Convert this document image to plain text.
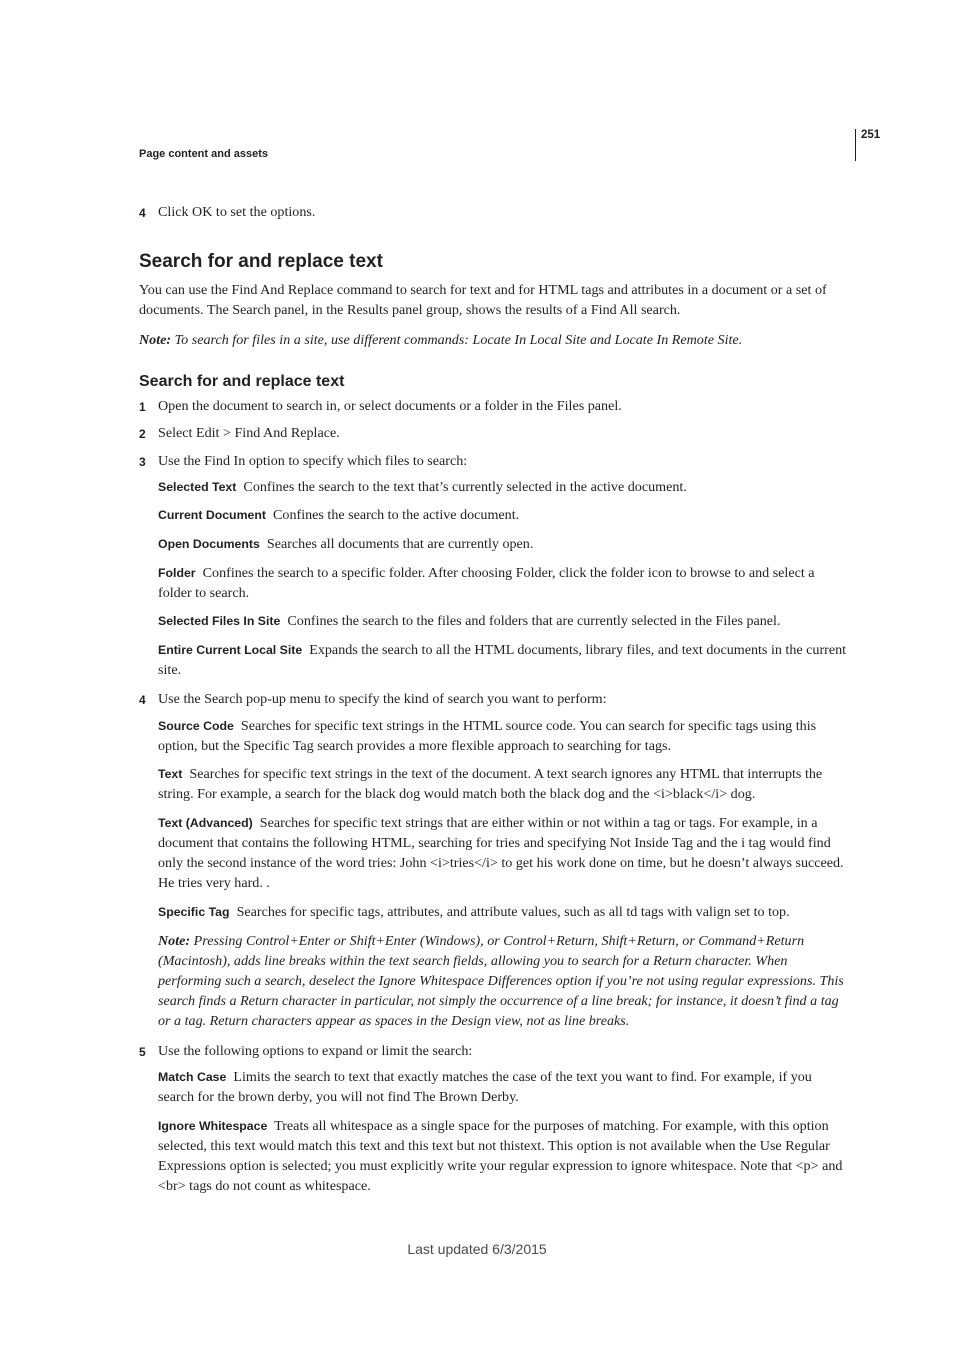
251
Page content and assets
4 Click OK to set the options.
Search for and replace text
You can use the Find And Replace command to search for text and for HTML tags and attributes in a document or a set of documents. The Search panel, in the Results panel group, shows the results of a Find All search.
Note: To search for files in a site, use different commands: Locate In Local Site and Locate In Remote Site.
Search for and replace text
1 Open the document to search in, or select documents or a folder in the Files panel.
2 Select Edit > Find And Replace.
3 Use the Find In option to specify which files to search:
Selected Text Confines the search to the text that’s currently selected in the active document.
Current Document Confines the search to the active document.
Open Documents Searches all documents that are currently open.
Folder Confines the search to a specific folder. After choosing Folder, click the folder icon to browse to and select a folder to search.
Selected Files In Site Confines the search to the files and folders that are currently selected in the Files panel.
Entire Current Local Site Expands the search to all the HTML documents, library files, and text documents in the current site.
4 Use the Search pop-up menu to specify the kind of search you want to perform:
Source Code Searches for specific text strings in the HTML source code. You can search for specific tags using this option, but the Specific Tag search provides a more flexible approach to searching for tags.
Text Searches for specific text strings in the text of the document. A text search ignores any HTML that interrupts the string. For example, a search for the black dog would match both the black dog and the <i>black</i> dog.
Text (Advanced) Searches for specific text strings that are either within or not within a tag or tags. For example, in a document that contains the following HTML, searching for tries and specifying Not Inside Tag and the i tag would find only the second instance of the word tries: John <i>tries</i> to get his work done on time, but he doesn’t always succeed. He tries very hard. .
Specific Tag Searches for specific tags, attributes, and attribute values, such as all td tags with valign set to top.
Note: Pressing Control+Enter or Shift+Enter (Windows), or Control+Return, Shift+Return, or Command+Return (Macintosh), adds line breaks within the text search fields, allowing you to search for a Return character. When performing such a search, deselect the Ignore Whitespace Differences option if you’re not using regular expressions. This search finds a Return character in particular, not simply the occurrence of a line break; for instance, it doesn’t find a tag or a tag. Return characters appear as spaces in the Design view, not as line breaks.
5 Use the following options to expand or limit the search:
Match Case Limits the search to text that exactly matches the case of the text you want to find. For example, if you search for the brown derby, you will not find The Brown Derby.
Ignore Whitespace Treats all whitespace as a single space for the purposes of matching. For example, with this option selected, this text would match this text and this text but not thistext. This option is not available when the Use Regular Expressions option is selected; you must explicitly write your regular expression to ignore whitespace. Note that <p> and <br> tags do not count as whitespace.
Last updated 6/3/2015
